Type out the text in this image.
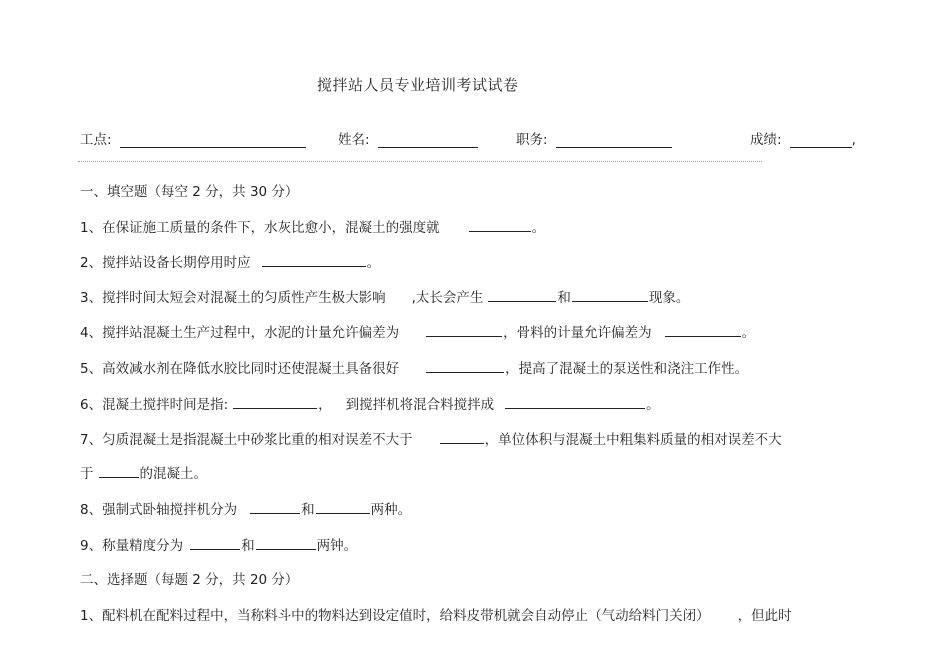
搅拌站人员专业培训考试试卷
工点:	姓名:	职务:	成绩:	,
一、填空题（每空 2 分，共 30 分）
1、在保证施工质量的条件下，水灰比愈小，混凝土的强度就	。
2、搅拌站设备长期停用时应	。
3、搅拌时间太短会对混凝土的匀质性产生极大影响 ,太长会产生	和	现象。
4、搅拌站混凝土生产过程中，水泥的计量允许偏差为	，骨料的计量允许偏差为	。
5、高效减水剂在降低水胶比同时还使混凝土具备很好	，提高了混凝土的泵送性和浇注工作性。
6、混凝土搅拌时间是指:	， 到搅拌机将混合料搅拌成	。
7、匀质混凝土是指混凝土中砂浆比重的相对误差不大于	，单位体积与混凝土中粗集料质量的相对误差不大
于	的混凝土。
8、强制式卧轴搅拌机分为	和	两种。
9、称量精度分为	和	两钟。
二、选择题（每题 2 分，共 20 分）
1、配料机在配料过程中，当称料斗中的物料达到设定值时，给料皮带机就会自动停止（气动给料门关闭） ，但此时
